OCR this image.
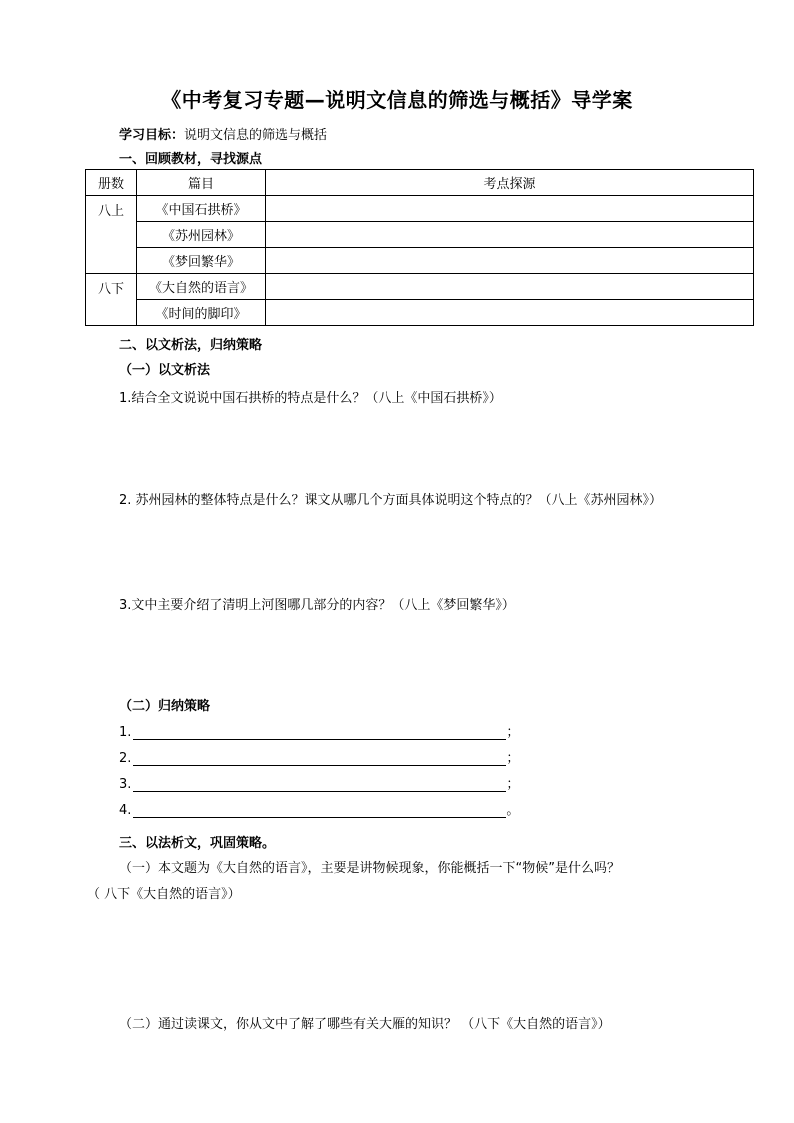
《中考复习专题—说明文信息的筛选与概括》导学案
学习目标：说明文信息的筛选与概括
一、回顾教材，寻找源点
册数	篇目	考点探源
八上	《中国石拱桥》	
	《苏州园林》	
	《梦回繁华》	
八下	《大自然的语言》	
	《时间的脚印》	
二、以文析法，归纳策略
（一）以文析法
1.结合全文说说中国石拱桥的特点是什么？（八上《中国石拱桥》）
2. 苏州园林的整体特点是什么？课文从哪几个方面具体说明这个特点的？（八上《苏州园林》）
3.文中主要介绍了清明上河图哪几部分的内容？（八上《梦回繁华》）
（二）归纳策略
1.	；
2.	；
3.	；
4.	。
三、以法析文，巩固策略。
（一）本文题为《大自然的语言》，主要是讲物候现象，你能概括一下“物候”是什么吗？
（ 八下《大自然的语言》）
（二）通过读课文，你从文中了解了哪些有关大雁的知识？ （八下《大自然的语言》）
